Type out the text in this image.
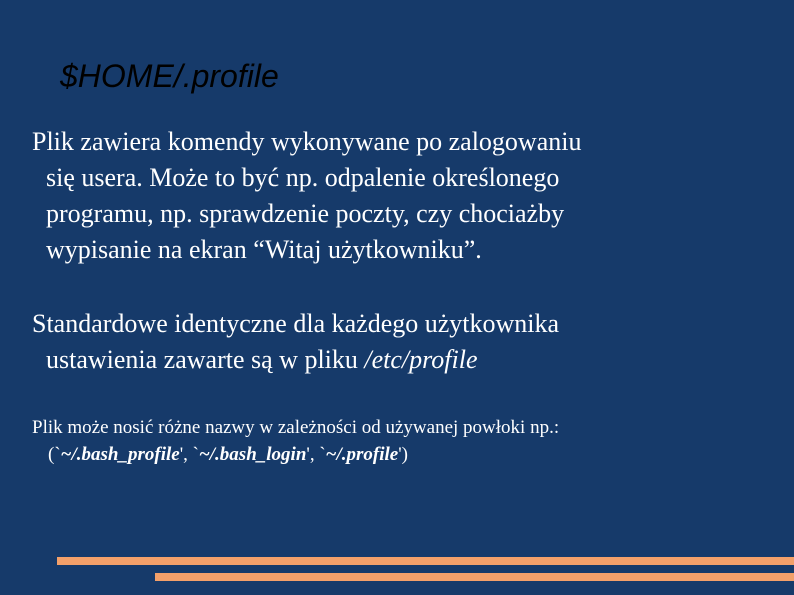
$HOME/.profile

Plik zawiera komendy wykonywane po zalogowaniu
się usera. Może to być np. odpalenie określonego
programu, np. sprawdzenie poczty, czy chociażby
wypisanie na ekran “Witaj użytkowniku”.

Standardowe identyczne dla każdego użytkownika
ustawienia zawarte są w pliku /etc/profile

Plik może nosić różne nazwy w zależności od używanej powłoki np.:
(`~/.bash_profile', `~/.bash_login', `~/.profile')
